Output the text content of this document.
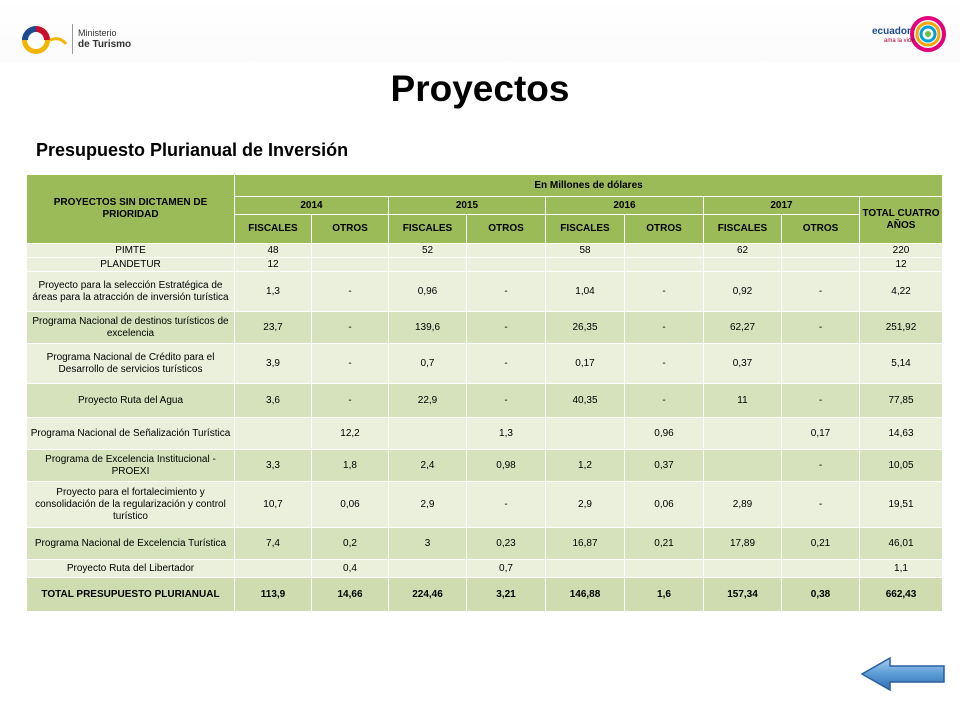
Ministerio
de Turismo
ecuador
ama la vida
Proyectos
Presupuesto Plurianual de Inversión
PROYECTOS SIN DICTAMEN DE PRIORIDAD	En Millones de dólares								
	2014		2015		2016		2017		TOTAL CUATRO AÑOS
	FISCALES	OTROS	FISCALES	OTROS	FISCALES	OTROS	FISCALES	OTROS	
PIMTE	48		52		58		62		220
PLANDETUR	12								12
Proyecto para la selección Estratégica de áreas para la atracción de inversión turística	1,3	-	0,96	-	1,04	-	0,92	-	4,22
Programa Nacional de destinos turísticos de excelencia	23,7	-	139,6	-	26,35	-	62,27	-	251,92
Programa Nacional de Crédito para el Desarrollo de servicios turísticos	3,9	-	0,7	-	0,17	-	0,37		5,14
Proyecto Ruta del Agua	3,6	-	22,9	-	40,35	-	11	-	77,85
Programa Nacional de Señalización Turística		12,2		1,3		0,96		0,17	14,63
Programa de Excelencia Institucional - PROEXI	3,3	1,8	2,4	0,98	1,2	0,37		-	10,05
Proyecto para el fortalecimiento y consolidación de la regularización y control turístico	10,7	0,06	2,9	-	2,9	0,06	2,89	-	19,51
Programa Nacional de Excelencia Turística	7,4	0,2	3	0,23	16,87	0,21	17,89	0,21	46,01
Proyecto Ruta del Libertador		0,4		0,7					1,1
TOTAL PRESUPUESTO PLURIANUAL	113,9	14,66	224,46	3,21	146,88	1,6	157,34	0,38	662,43
